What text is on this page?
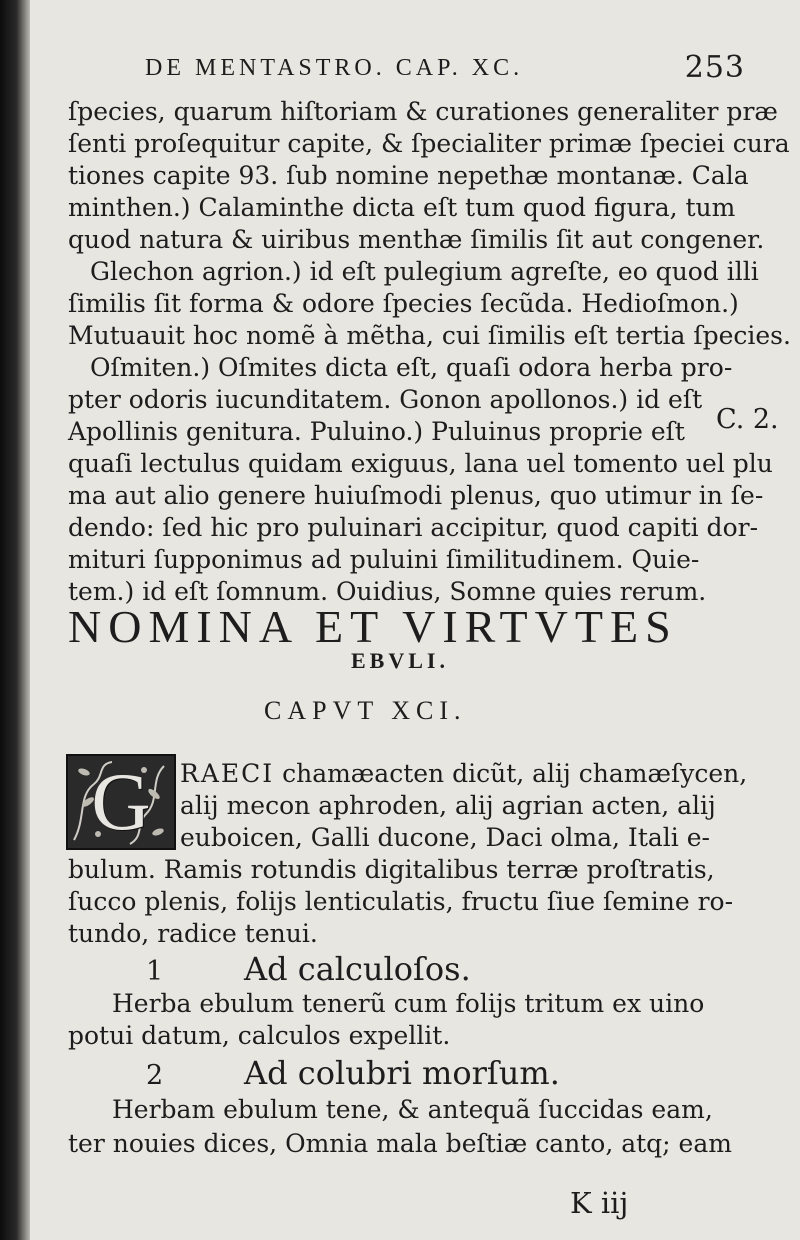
DE MENTASTRO. CAP. XC.	253
ſpecies, quarum hiſtoriam & curationes generaliter præ
ſenti proſequitur capite, & ſpecialiter primæ ſpeciei cura
tiones capite 93. ſub nomine nepethæ montanæ. Cala
minthen.) Calaminthe dicta eſt tum quod figura, tum
quod natura & uiribus menthæ ſimilis ſit aut congener.
Glechon agrion.) id eſt pulegium agreſte, eo quod illi
ſimilis ſit forma & odore ſpecies ſecũda. Hedioſmon.)
Mutuauit hoc nomẽ à mẽtha, cui ſimilis eſt tertia ſpecies.
Oſmiten.) Oſmites dicta eſt, quaſi odora herba pro-
pter odoris iucunditatem. Gonon apollonos.) id eſt
Apollinis genitura. Puluino.) Puluinus proprie eſt
quaſi lectulus quidam exiguus, lana uel tomento uel plu
ma aut alio genere huiuſmodi plenus, quo utimur in ſe-
dendo: ſed hic pro puluinari accipitur, quod capiti dor-
mituri ſupponimus ad puluini ſimilitudinem. Quie-
tem.) id eſt ſomnum. Ouidius, Somne quies rerum.
C. 2.
NOMINA ET VIRTVTES
EBVLI.
CAPVT XCI.
G	RAECI chamæacten dicũt, alij chamæſycen,
alij mecon aphroden, alij agrian acten, alij
euboicen, Galli ducone, Daci olma, Itali e-
bulum. Ramis rotundis digitalibus terræ proſtratis,
ſucco plenis, folijs lenticulatis, fructu ſiue ſemine ro-
tundo, radice tenui.
1	Ad calculoſos.
Herba ebulum tenerũ cum folijs tritum ex uino
potui datum, calculos expellit.
2	Ad colubri morſum.
Herbam ebulum tene, & antequã ſuccidas eam,
ter nouies dices, Omnia mala beſtiæ canto, atq; eam
K iij
